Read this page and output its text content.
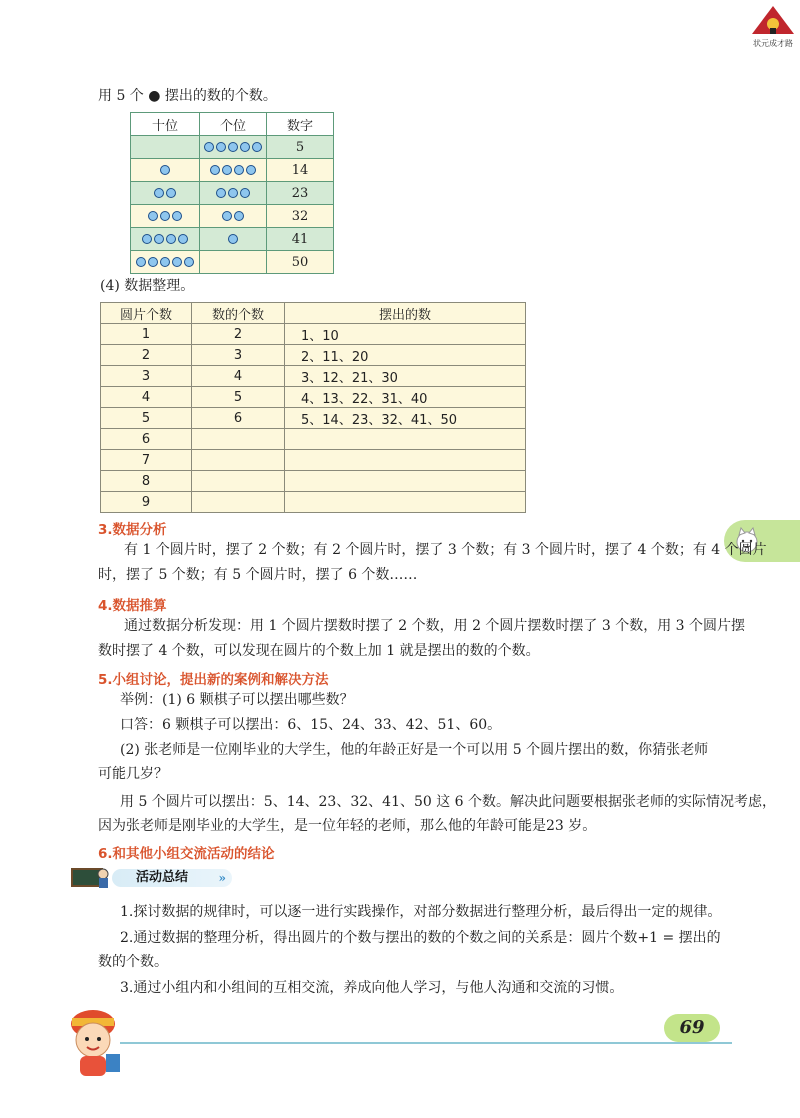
状元成才路
用 5 个 ● 摆出的数的个数。
十位	个位	数字
		5
		14
		23
		32
		41
		50
(4) 数据整理。
圆片个数	数的个数	摆出的数
1	2	1、10
2	3	2、11、20
3	4	3、12、21、30
4	5	4、13、22、31、40
5	6	5、14、23、32、41、50
6		
7		
8		
9		
3.数据分析
有 1 个圆片时，摆了 2 个数；有 2 个圆片时，摆了 3 个数；有 3 个圆片时，摆了 4 个数；有 4 个圆片
时，摆了 5 个数；有 5 个圆片时，摆了 6 个数……
4.数据推算
通过数据分析发现：用 1 个圆片摆数时摆了 2 个数，用 2 个圆片摆数时摆了 3 个数，用 3 个圆片摆
数时摆了 4 个数，可以发现在圆片的个数上加 1 就是摆出的数的个数。
5.小组讨论，提出新的案例和解决方法
举例：(1) 6 颗棋子可以摆出哪些数？
口答：6 颗棋子可以摆出：6、15、24、33、42、51、60。
(2) 张老师是一位刚毕业的大学生，他的年龄正好是一个可以用 5 个圆片摆出的数，你猜张老师
可能几岁？
用 5 个圆片可以摆出：5、14、23、32、41、50 这 6 个数。解决此问题要根据张老师的实际情况考虑，
因为张老师是刚毕业的大学生，是一位年轻的老师，那么他的年龄可能是23 岁。
6.和其他小组交流活动的结论
活动总结	»
1.探讨数据的规律时，可以逐一进行实践操作，对部分数据进行整理分析，最后得出一定的规律。
2.通过数据的整理分析，得出圆片的个数与摆出的数的个数之间的关系是：圆片个数+1 = 摆出的
数的个数。
3.通过小组内和小组间的互相交流，养成向他人学习，与他人沟通和交流的习惯。
69
